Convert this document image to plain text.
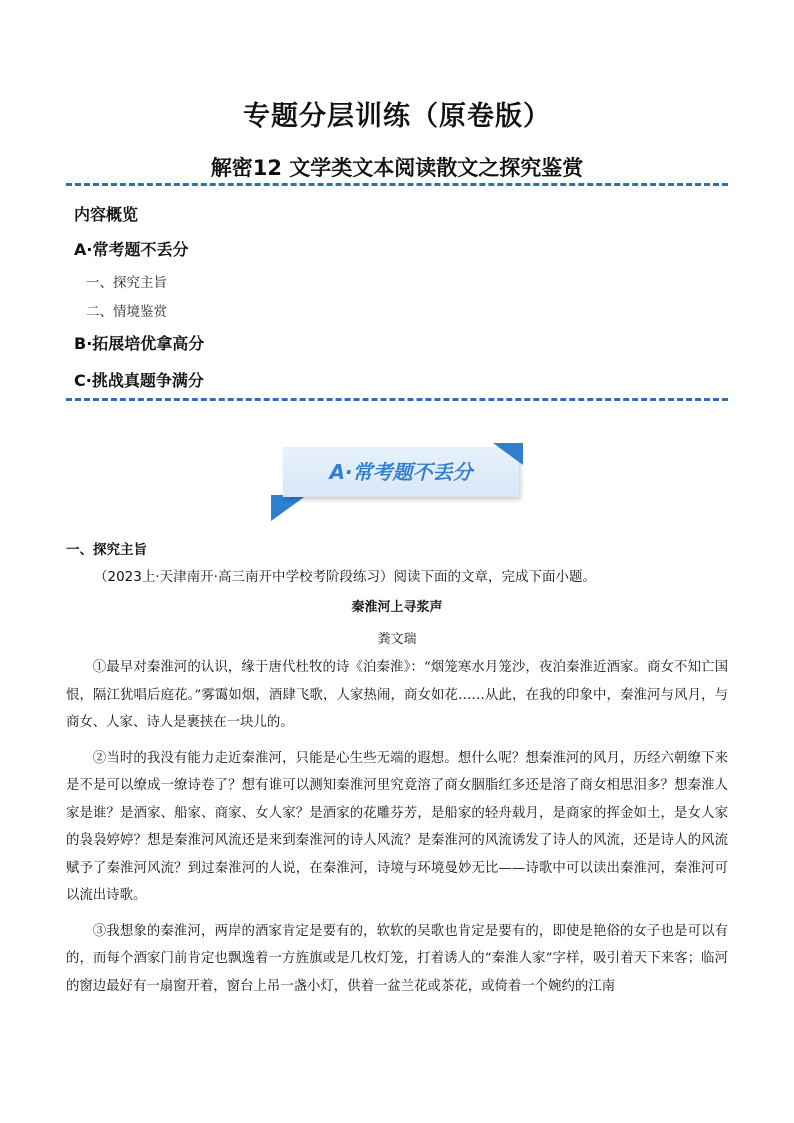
专题分层训练（原卷版）
解密12 文学类文本阅读散文之探究鉴赏
内容概览
A·常考题不丢分
一、探究主旨
二、情境鉴赏
B·拓展培优拿高分
C·挑战真题争满分
A·常考题不丢分
一、探究主旨
（2023上·天津南开·高三南开中学校考阶段练习）阅读下面的文章，完成下面小题。
秦淮河上寻浆声
粪文瑞

①最早对秦淮河的认识，缘于唐代杜牧的诗《泊秦淮》：“烟笼寒水月笼沙，夜泊秦淮近酒家。商女不知亡国恨，隔江犹唱后庭花。”雾霭如烟，酒肆飞歌，人家热闹，商女如花……从此，在我的印象中，秦淮河与风月，与商女、人家、诗人是裹挟在一块儿的。

②当时的我没有能力走近秦淮河，只能是心生些无端的遐想。想什么呢？想秦淮河的风月，历经六朝缭下来是不是可以缭成一缭诗卷了？想有谁可以测知秦淮河里究竟溶了商女胭脂红多还是溶了商女相思泪多？想秦淮人家是谁？是酒家、船家、商家、女人家？是酒家的花雕芬芳，是船家的轻舟载月，是商家的挥金如土，是女人家的袅袅婷婷？想是秦淮河风流还是来到秦淮河的诗人风流？是秦淮河的风流诱发了诗人的风流，还是诗人的风流赋予了秦淮河风流？到过秦淮河的人说，在秦淮河，诗境与环境曼妙无比——诗歌中可以读出秦淮河，秦淮河可以流出诗歌。

③我想象的秦淮河，两岸的酒家肯定是要有的，软软的吴歌也肯定是要有的，即使是艳俗的女子也是可以有的，而每个酒家门前肯定也飘逸着一方旌旗或是几枚灯笼，打着诱人的“秦淮人家”字样，吸引着天下来客；临河的窗边最好有一扇窗开着，窗台上吊一盏小灯，供着一盆兰花或茶花，或倚着一个婉约的江南
